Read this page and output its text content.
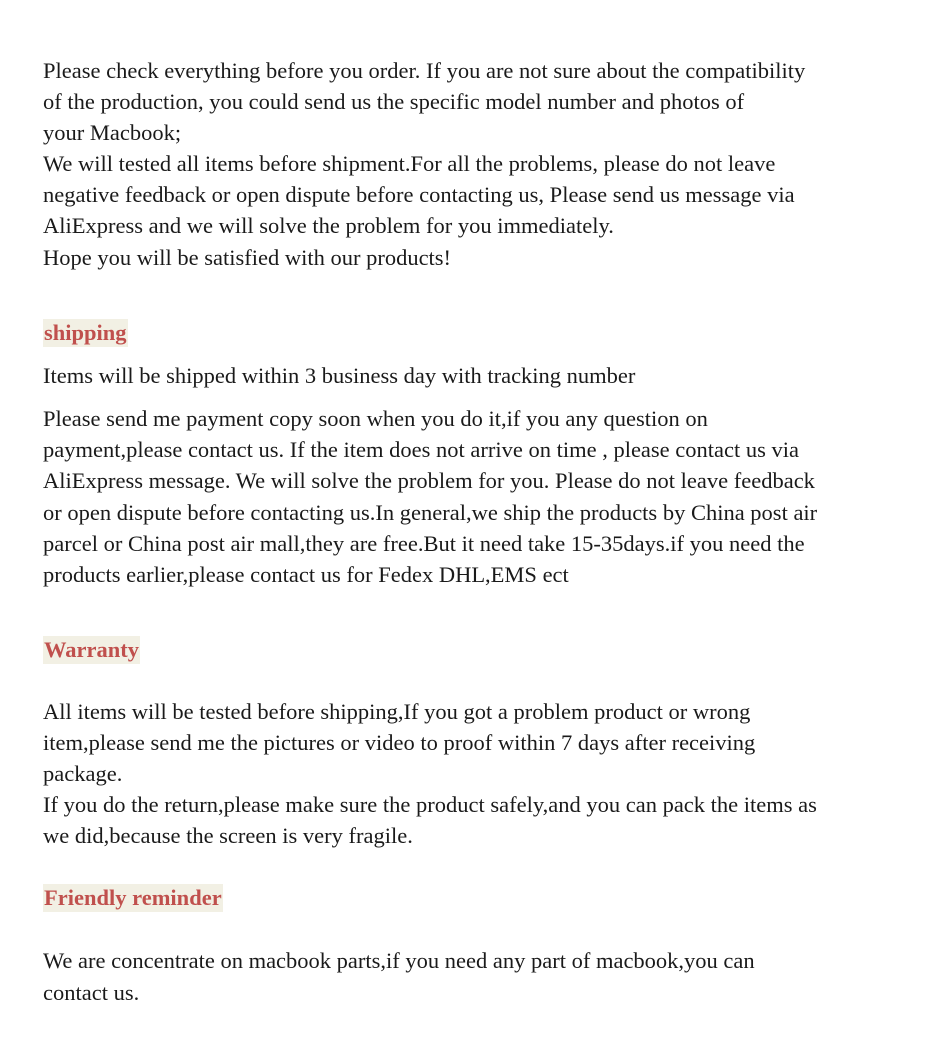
Please check everything before you order. If you are not sure about the compatibility

of the production, you could send us the specific model number and photos of

your Macbook;

We will tested all items before shipment.For all the problems, please do not leave

negative feedback or open dispute before contacting us, Please send us message via

AliExpress and we will solve the problem for you immediately.

Hope you will be satisfied with our products!

shipping

Items will be shipped within 3 business day with tracking number

Please send me payment copy soon when you do it,if you any question on

payment,please contact us. If the item does not arrive on time , please contact us via

AliExpress message. We will solve the problem for you. Please do not leave feedback

or open dispute before contacting us.In general,we ship the products by China post air

parcel or China post air mall,they are free.But it need take 15-35days.if you need the

products earlier,please contact us for Fedex DHL,EMS ect

Warranty

All items will be tested before shipping,If you got a problem product or wrong

item,please send me the pictures or video to proof within 7 days after receiving

package.

If you do the return,please make sure the product safely,and you can pack the items as

we did,because the screen is very fragile.

Friendly reminder

We are concentrate on macbook parts,if you need any part of macbook,you can

contact us.
